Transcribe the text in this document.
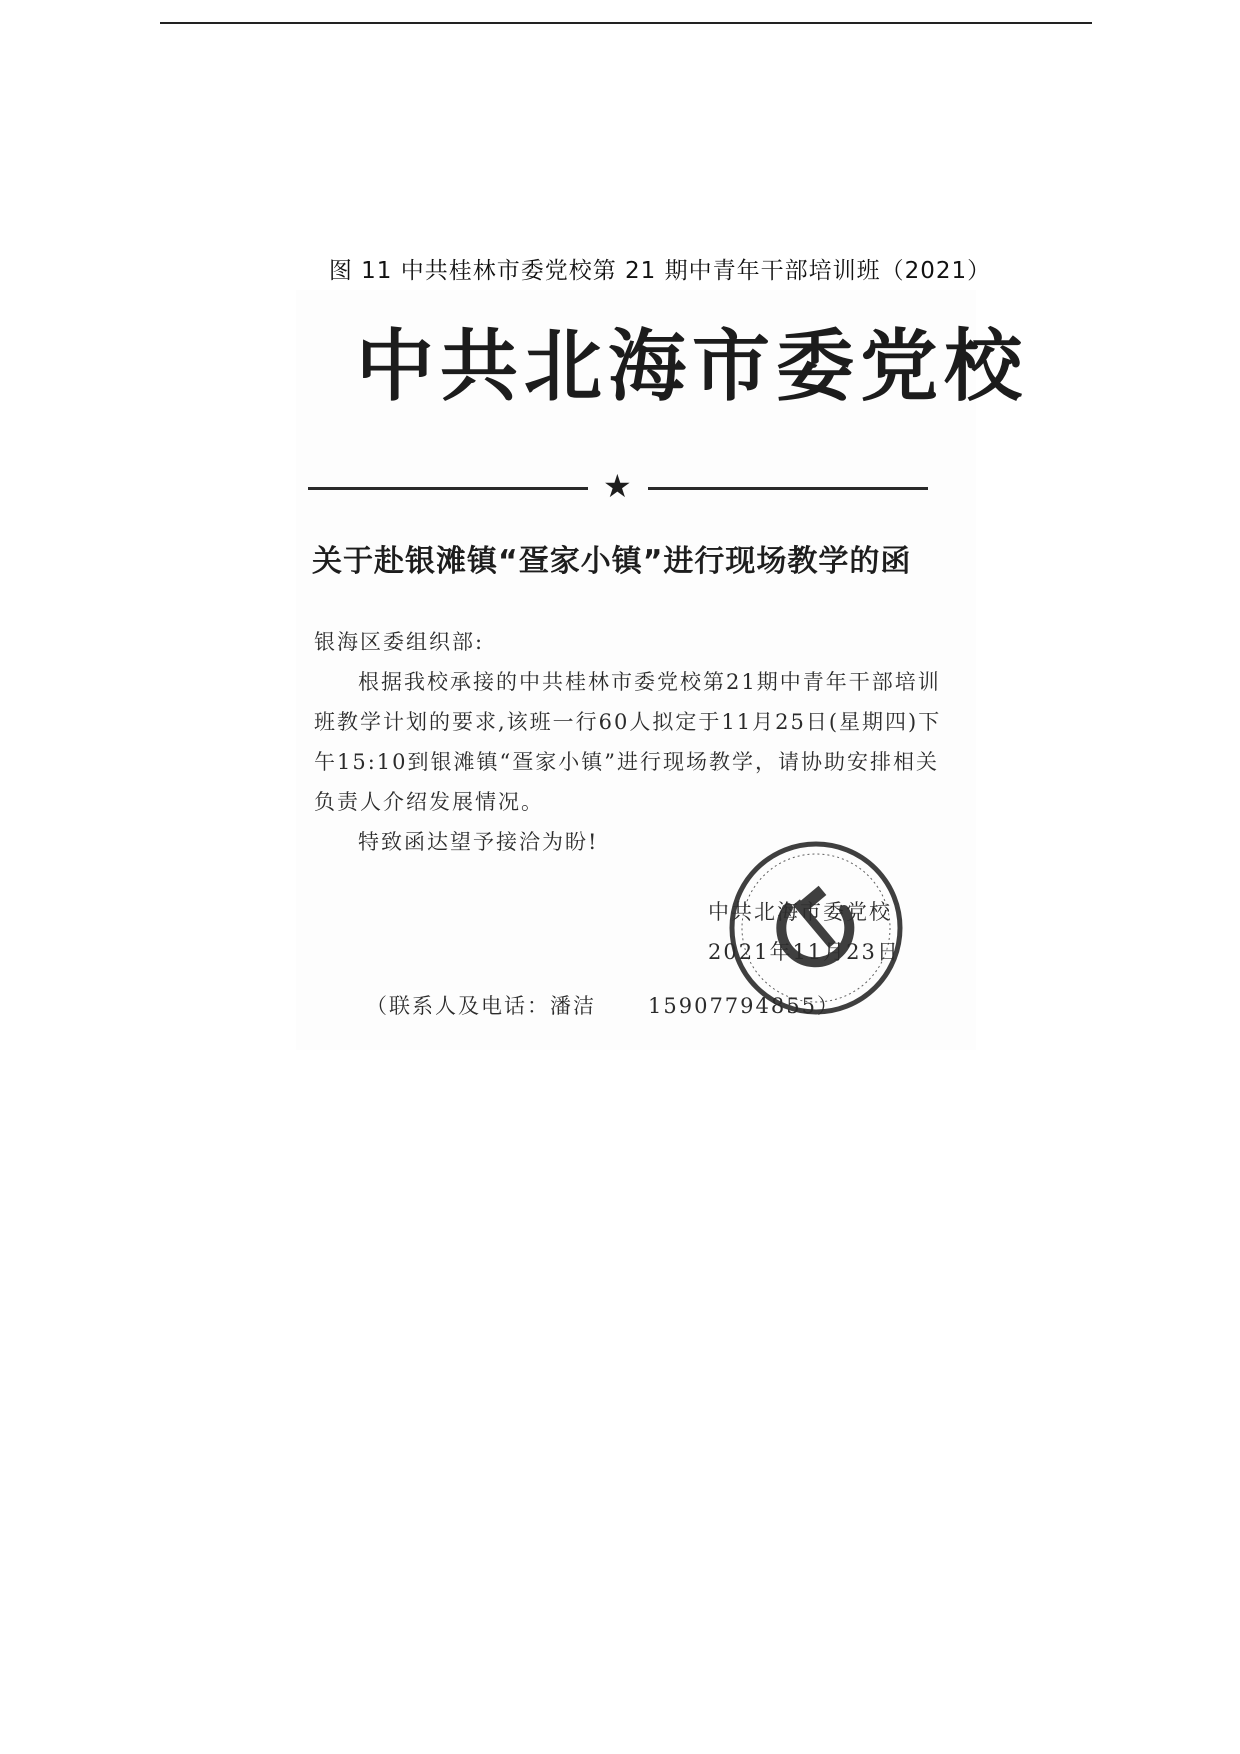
图 11 中共桂林市委党校第 21 期中青年干部培训班（2021）
中共北海市委党校
★
关于赴银滩镇“疍家小镇”进行现场教学的函

银海区委组织部:

根据我校承接的中共桂林市委党校第21期中青年干部培训班教学计划的要求,该班一行60人拟定于11月25日(星期四)下午15:10到银滩镇“疍家小镇”进行现场教学，请协助安排相关负责人介绍发展情况。

特致函达望予接洽为盼!

中共北海市委党校

2021年11月23日

（联系人及电话：潘洁 15907794855）
